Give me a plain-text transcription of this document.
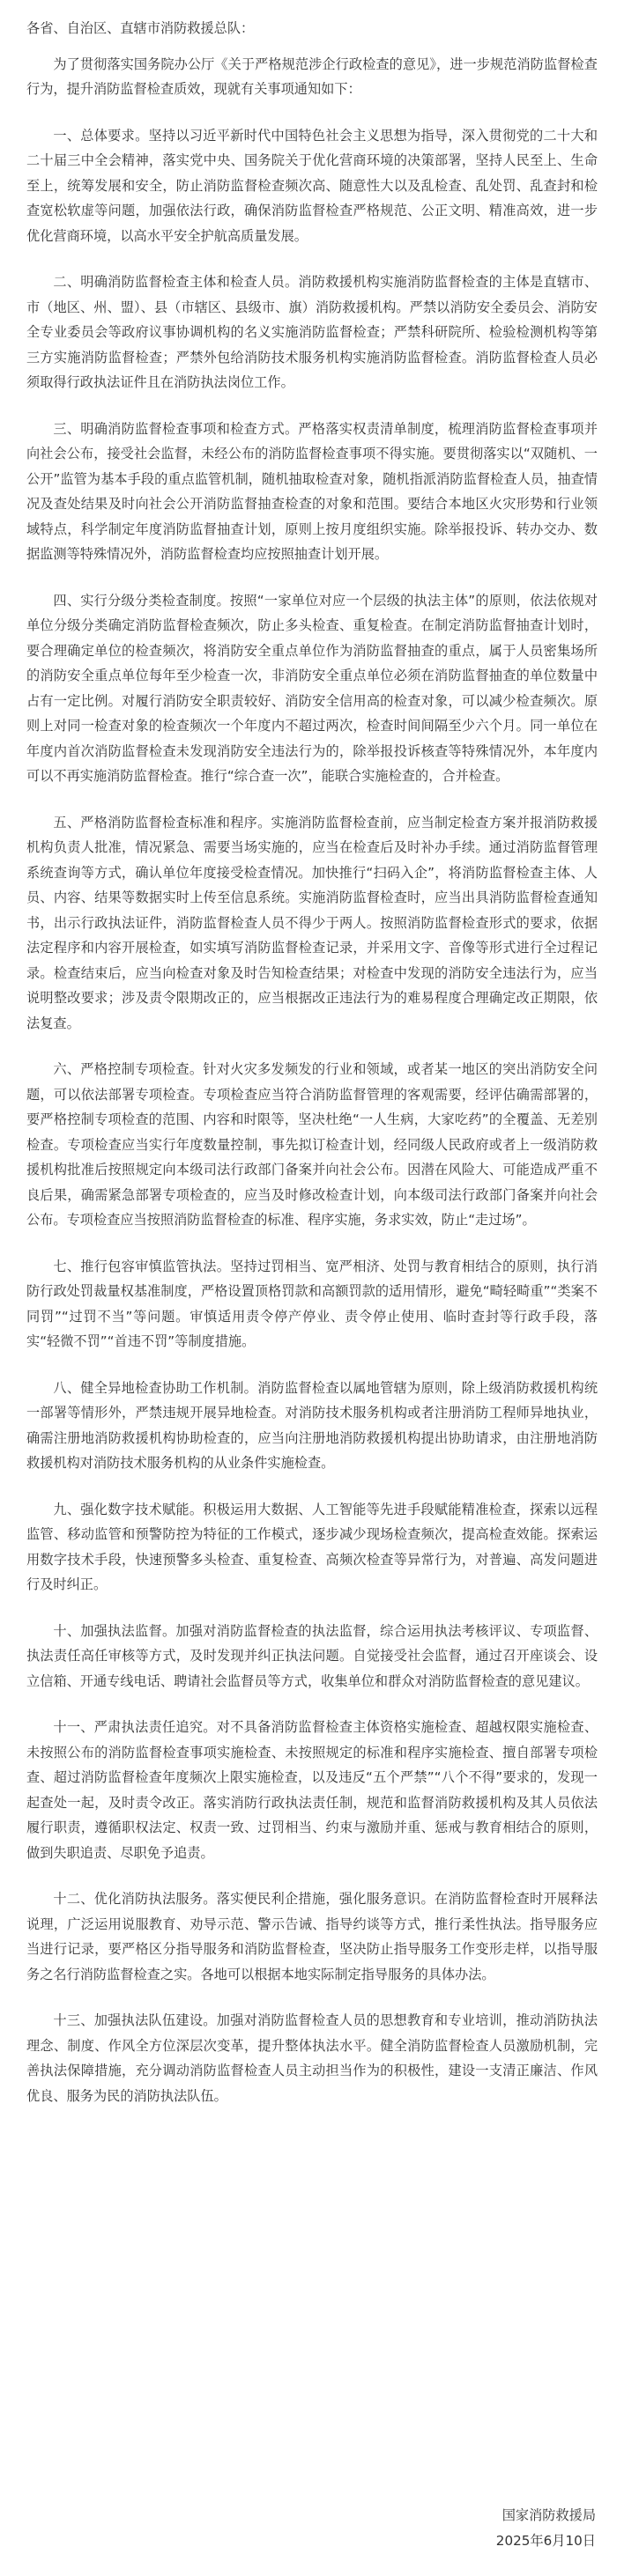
各省、自治区、直辖市消防救援总队：

为了贯彻落实国务院办公厅《关于严格规范涉企行政检查的意见》，进一步规范消防监督检查行为，提升消防监督检查质效，现就有关事项通知如下：

一、总体要求。坚持以习近平新时代中国特色社会主义思想为指导，深入贯彻党的二十大和二十届三中全会精神，落实党中央、国务院关于优化营商环境的决策部署，坚持人民至上、生命至上，统筹发展和安全，防止消防监督检查频次高、随意性大以及乱检查、乱处罚、乱查封和检查宽松软虚等问题，加强依法行政，确保消防监督检查严格规范、公正文明、精准高效，进一步优化营商环境，以高水平安全护航高质量发展。

二、明确消防监督检查主体和检查人员。消防救援机构实施消防监督检查的主体是直辖市、市（地区、州、盟）、县（市辖区、县级市、旗）消防救援机构。严禁以消防安全委员会、消防安全专业委员会等政府议事协调机构的名义实施消防监督检查；严禁科研院所、检验检测机构等第三方实施消防监督检查；严禁外包给消防技术服务机构实施消防监督检查。消防监督检查人员必须取得行政执法证件且在消防执法岗位工作。

三、明确消防监督检查事项和检查方式。严格落实权责清单制度，梳理消防监督检查事项并向社会公布，接受社会监督，未经公布的消防监督检查事项不得实施。要贯彻落实以“双随机、一公开”监管为基本手段的重点监管机制，随机抽取检查对象，随机指派消防监督检查人员，抽查情况及查处结果及时向社会公开消防监督抽查检查的对象和范围。要结合本地区火灾形势和行业领域特点，科学制定年度消防监督抽查计划，原则上按月度组织实施。除举报投诉、转办交办、数据监测等特殊情况外，消防监督检查均应按照抽查计划开展。

四、实行分级分类检查制度。按照“一家单位对应一个层级的执法主体”的原则，依法依规对单位分级分类确定消防监督检查频次，防止多头检查、重复检查。在制定消防监督抽查计划时，要合理确定单位的检查频次，将消防安全重点单位作为消防监督抽查的重点，属于人员密集场所的消防安全重点单位每年至少检查一次，非消防安全重点单位必须在消防监督抽查的单位数量中占有一定比例。对履行消防安全职责较好、消防安全信用高的检查对象，可以减少检查频次。原则上对同一检查对象的检查频次一个年度内不超过两次，检查时间间隔至少六个月。同一单位在年度内首次消防监督检查未发现消防安全违法行为的，除举报投诉核查等特殊情况外，本年度内可以不再实施消防监督检查。推行“综合查一次”，能联合实施检查的，合并检查。

五、严格消防监督检查标准和程序。实施消防监督检查前，应当制定检查方案并报消防救援机构负责人批准，情况紧急、需要当场实施的，应当在检查后及时补办手续。通过消防监督管理系统查询等方式，确认单位年度接受检查情况。加快推行“扫码入企”，将消防监督检查主体、人员、内容、结果等数据实时上传至信息系统。实施消防监督检查时，应当出具消防监督检查通知书，出示行政执法证件，消防监督检查人员不得少于两人。按照消防监督检查形式的要求，依据法定程序和内容开展检查，如实填写消防监督检查记录，并采用文字、音像等形式进行全过程记录。检查结束后，应当向检查对象及时告知检查结果；对检查中发现的消防安全违法行为，应当说明整改要求；涉及责令限期改正的，应当根据改正违法行为的难易程度合理确定改正期限，依法复查。

六、严格控制专项检查。针对火灾多发频发的行业和领域，或者某一地区的突出消防安全问题，可以依法部署专项检查。专项检查应当符合消防监督管理的客观需要，经评估确需部署的，要严格控制专项检查的范围、内容和时限等，坚决杜绝“一人生病，大家吃药”的全覆盖、无差别检查。专项检查应当实行年度数量控制，事先拟订检查计划，经同级人民政府或者上一级消防救援机构批准后按照规定向本级司法行政部门备案并向社会公布。因潜在风险大、可能造成严重不良后果，确需紧急部署专项检查的，应当及时修改检查计划，向本级司法行政部门备案并向社会公布。专项检查应当按照消防监督检查的标准、程序实施，务求实效，防止“走过场”。

七、推行包容审慎监管执法。坚持过罚相当、宽严相济、处罚与教育相结合的原则，执行消防行政处罚裁量权基准制度，严格设置顶格罚款和高额罚款的适用情形，避免“畸轻畸重”“类案不同罚”“过罚不当”等问题。审慎适用责令停产停业、责令停止使用、临时查封等行政手段，落实“轻微不罚”“首违不罚”等制度措施。

八、健全异地检查协助工作机制。消防监督检查以属地管辖为原则，除上级消防救援机构统一部署等情形外，严禁违规开展异地检查。对消防技术服务机构或者注册消防工程师异地执业，确需注册地消防救援机构协助检查的，应当向注册地消防救援机构提出协助请求，由注册地消防救援机构对消防技术服务机构的从业条件实施检查。

九、强化数字技术赋能。积极运用大数据、人工智能等先进手段赋能精准检查，探索以远程监管、移动监管和预警防控为特征的工作模式，逐步减少现场检查频次，提高检查效能。探索运用数字技术手段，快速预警多头检查、重复检查、高频次检查等异常行为，对普遍、高发问题进行及时纠正。

十、加强执法监督。加强对消防监督检查的执法监督，综合运用执法考核评议、专项监督、执法责任高任审核等方式，及时发现并纠正执法问题。自觉接受社会监督，通过召开座谈会、设立信箱、开通专线电话、聘请社会监督员等方式，收集单位和群众对消防监督检查的意见建议。

十一、严肃执法责任追究。对不具备消防监督检查主体资格实施检查、超越权限实施检查、未按照公布的消防监督检查事项实施检查、未按照规定的标准和程序实施检查、擅自部署专项检查、超过消防监督检查年度频次上限实施检查，以及违反“五个严禁”“八个不得”要求的，发现一起查处一起，及时责令改正。落实消防行政执法责任制，规范和监督消防救援机构及其人员依法履行职责，遵循职权法定、权责一致、过罚相当、约束与激励并重、惩戒与教育相结合的原则，做到失职追责、尽职免予追责。

十二、优化消防执法服务。落实便民利企措施，强化服务意识。在消防监督检查时开展释法说理，广泛运用说服教育、劝导示范、警示告诫、指导约谈等方式，推行柔性执法。指导服务应当进行记录，要严格区分指导服务和消防监督检查，坚决防止指导服务工作变形走样，以指导服务之名行消防监督检查之实。各地可以根据本地实际制定指导服务的具体办法。

十三、加强执法队伍建设。加强对消防监督检查人员的思想教育和专业培训，推动消防执法理念、制度、作风全方位深层次变革，提升整体执法水平。健全消防监督检查人员激励机制，完善执法保障措施，充分调动消防监督检查人员主动担当作为的积极性，建设一支清正廉洁、作风优良、服务为民的消防执法队伍。

国家消防救援局

2025年6月10日
